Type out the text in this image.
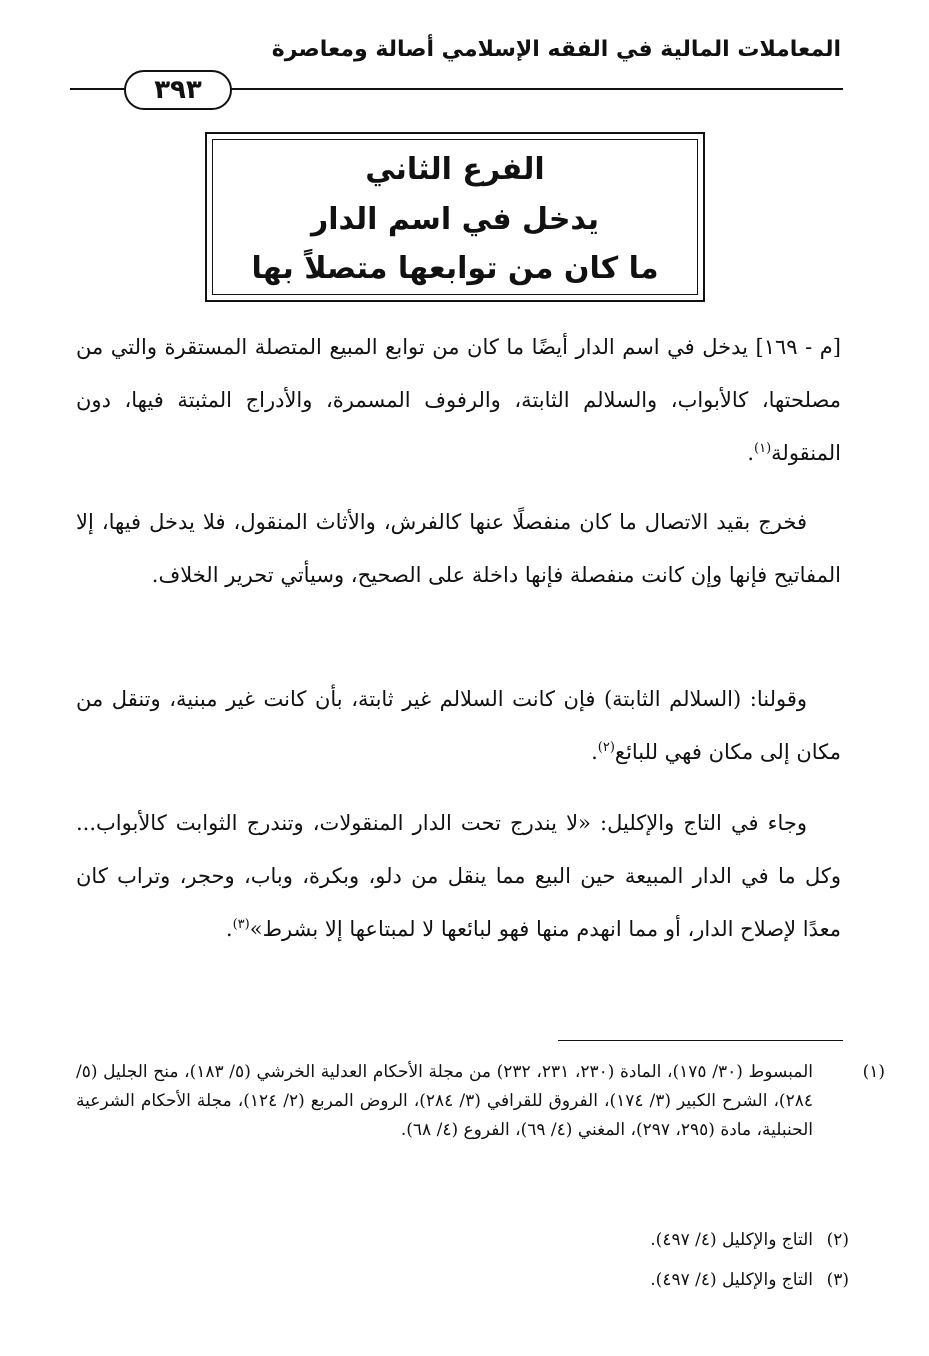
المعاملات المالية في الفقه الإسلامي أصالة ومعاصرة
٣٩٣
الفرع الثاني
يدخل في اسم الدار
ما كان من توابعها متصلاً بها
[م - ١٦٩] يدخل في اسم الدار أيضًا ما كان من توابع المبيع المتصلة المستقرة والتي من مصلحتها، كالأبواب، والسلالم الثابتة، والرفوف المسمرة، والأدراج المثبتة فيها، دون المنقولة$^{(١)}$.
فخرج بقيد الاتصال ما كان منفصلًا عنها كالفرش، والأثاث المنقول، فلا يدخل فيها، إلا المفاتيح فإنها وإن كانت منفصلة فإنها داخلة على الصحيح، وسيأتي تحرير الخلاف.
وقولنا: (السلالم الثابتة) فإن كانت السلالم غير ثابتة، بأن كانت غير مبنية، وتنقل من مكان إلى مكان فهي للبائع$^{(٢)}$.
وجاء في التاج والإكليل: «لا يندرج تحت الدار المنقولات، وتندرج الثوابت كالأبواب... وكل ما في الدار المبيعة حين البيع مما ينقل من دلو، وبكرة، وباب، وحجر، وتراب كان معدًا لإصلاح الدار، أو مما انهدم منها فهو لبائعها لا لمبتاعها إلا بشرط»$^{(٣)}$.
(١)المبسوط (٣٠/ ١٧٥)، المادة (٢٣٠، ٢٣١، ٢٣٢) من مجلة الأحكام العدلية الخرشي (٥/ ١٨٣)، منح الجليل (٥/ ٢٨٤)، الشرح الكبير (٣/ ١٧٤)، الفروق للقرافي (٣/ ٢٨٤)، الروض المربع (٢/ ١٢٤)، مجلة الأحكام الشرعية الحنبلية، مادة (٢٩٥، ٢٩٧)، المغني (٤/ ٦٩)، الفروع (٤/ ٦٨).
(٢)التاج والإكليل (٤/ ٤٩٧).
(٣)التاج والإكليل (٤/ ٤٩٧).
